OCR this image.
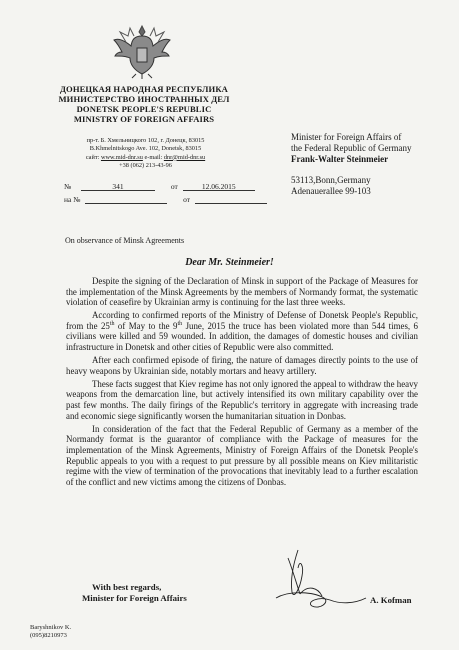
ДОНЕЦКАЯ НАРОДНАЯ РЕСПУБЛИКА
МИНИСТЕРСТВО ИНОСТРАННЫХ ДЕЛ
DONETSK PEOPLE'S REPUBLIC
MINISTRY OF FOREIGN AFFAIRS
пр-т. Б. Хмельницкого 102, г. Донецк, 83015
B.Khmelnitskogo Ave. 102, Donetsk, 83015
сайт: www.mid-dnr.su e-mail: dnr@mid-dnr.su
+38 (062) 213-43-96
Minister for Foreign Affairs of
the Federal Republic of Germany
Frank-Walter Steinmeier
53113,Bonn,Germany
Adenauerallee 99-103
№	341	от	12.06.2015
на №	от
On observance of Minsk Agreements
Dear Mr. Steinmeier!

Despite the signing of the Declaration of Minsk in support of the Package of Measures for the implementation of the Minsk Agreements by the members of Normandy format, the systematic violation of ceasefire by Ukrainian army is continuing for the last three weeks.

According to confirmed reports of the Ministry of Defense of Donetsk People's Republic, from the 25th of May to the 9th June, 2015 the truce has been violated more than 544 times, 6 civilians were killed and 59 wounded. In addition, the damages of domestic houses and civilian infrastructure in Donetsk and other cities of Republic were also committed.

After each confirmed episode of firing, the nature of damages directly points to the use of heavy weapons by Ukrainian side, notably mortars and heavy artillery.

These facts suggest that Kiev regime has not only ignored the appeal to withdraw the heavy weapons from the demarcation line, but actively intensified its own military capability over the past few months. The daily firings of the Republic's territory in aggregate with increasing trade and economic siege significantly worsen the humanitarian situation in Donbas.

In consideration of the fact that the Federal Republic of Germany as a member of the Normandy format is the guarantor of compliance with the Package of measures for the implementation of the Minsk Agreements, Ministry of Foreign Affairs of the Donetsk People's Republic appeals to you with a request to put pressure by all possible means on Kiev militaristic regime with the view of termination of the provocations that inevitably lead to a further escalation of the conflict and new victims among the citizens of Donbas.

With best regards,
Minister for Foreign Affairs	A. Kofman
Baryshnikov K.
(095)8210973
